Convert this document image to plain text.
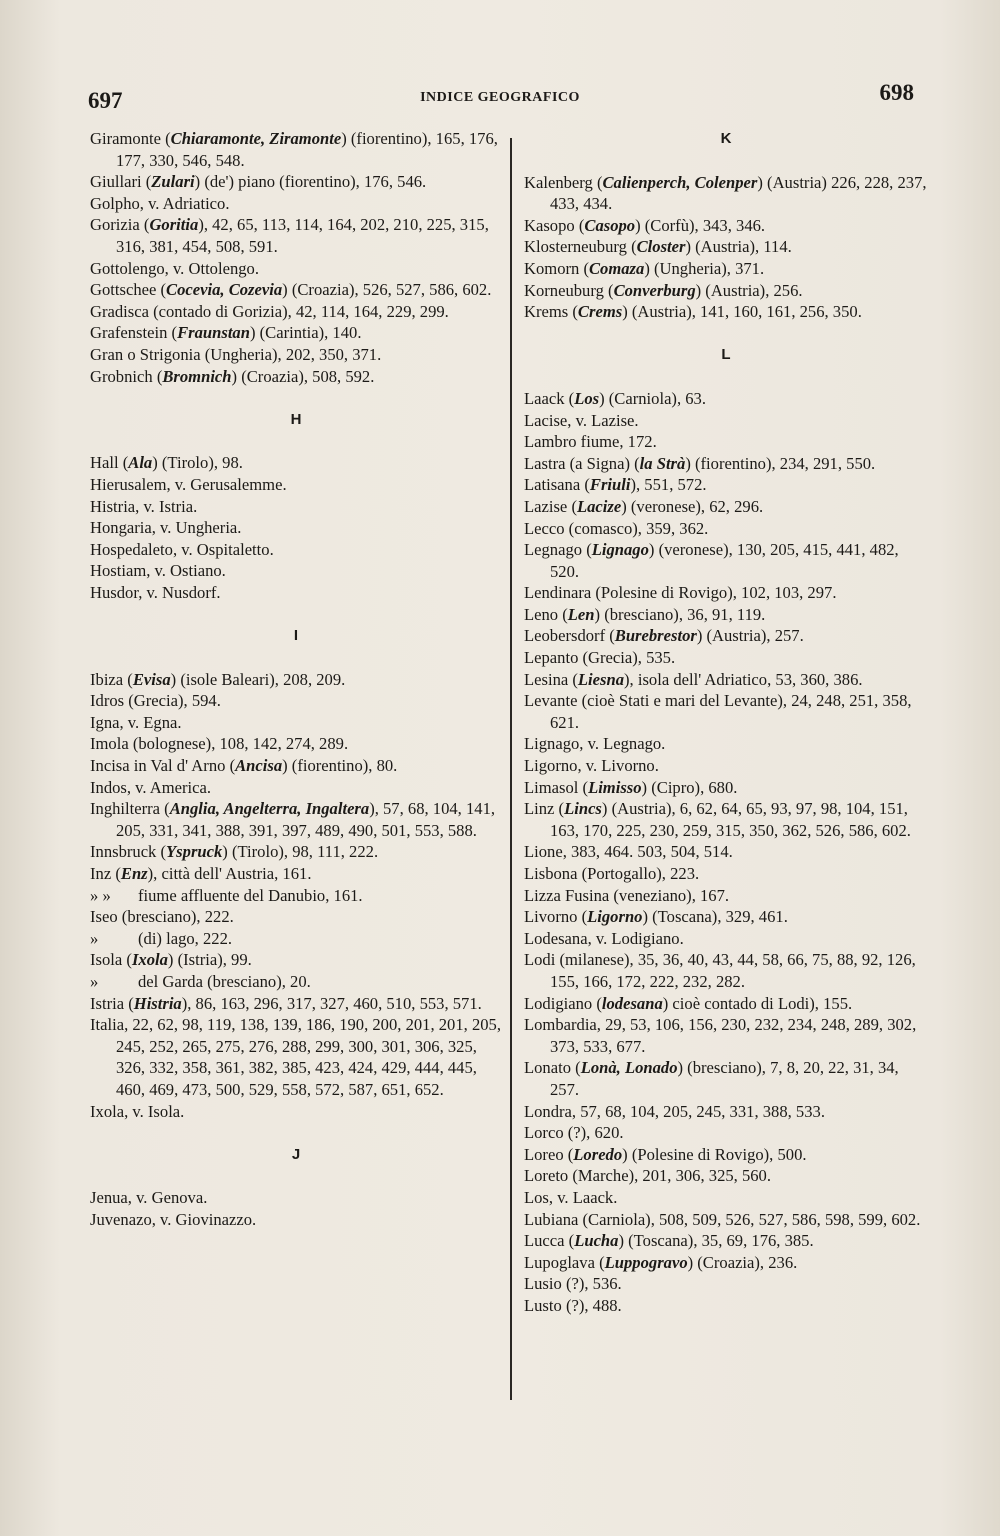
697	INDICE GEOGRAFICO	698
Giramonte (Chiaramonte, Ziramonte) (fiorentino), 165, 176, 177, 330, 546, 548.
Giullari (Zulari) (de') piano (fiorentino), 176, 546.
Golpho, v. Adriatico.
Gorizia (Goritia), 42, 65, 113, 114, 164, 202, 210, 225, 315, 316, 381, 454, 508, 591.
Gottolengo, v. Ottolengo.
Gottschee (Cocevia, Cozevia) (Croazia), 526, 527, 586, 602.
Gradisca (contado di Gorizia), 42, 114, 164, 229, 299.
Grafenstein (Fraunstan) (Carintia), 140.
Gran o Strigonia (Ungheria), 202, 350, 371.
Grobnich (Bromnich) (Croazia), 508, 592.
H
Hall (Ala) (Tirolo), 98.
Hierusalem, v. Gerusalemme.
Histria, v. Istria.
Hongaria, v. Ungheria.
Hospedaleto, v. Ospitaletto.
Hostiam, v. Ostiano.
Husdor, v. Nusdorf.
I
Ibiza (Evisa) (isole Baleari), 208, 209.
Idros (Grecia), 594.
Igna, v. Egna.
Imola (bolognese), 108, 142, 274, 289.
Incisa in Val d' Arno (Ancisa) (fiorentino), 80.
Indos, v. America.
Inghilterra (Anglia, Angelterra, Ingaltera), 57, 68, 104, 141, 205, 331, 341, 388, 391, 397, 489, 490, 501, 553, 588.
Innsbruck (Yspruck) (Tirolo), 98, 111, 222.
Inz (Enz), città dell' Austria, 161.
» » fiume affluente del Danubio, 161.
Iseo (bresciano), 222.
» (di) lago, 222.
Isola (Ixola) (Istria), 99.
» del Garda (bresciano), 20.
Istria (Histria), 86, 163, 296, 317, 327, 460, 510, 553, 571.
Italia, 22, 62, 98, 119, 138, 139, 186, 190, 200, 201, 201, 205, 245, 252, 265, 275, 276, 288, 299, 300, 301, 306, 325, 326, 332, 358, 361, 382, 385, 423, 424, 429, 444, 445, 460, 469, 473, 500, 529, 558, 572, 587, 651, 652.
Ixola, v. Isola.
J
Jenua, v. Genova.
Juvenazo, v. Giovinazzo.
K
Kalenberg (Calienperch, Colenper) (Austria) 226, 228, 237, 433, 434.
Kasopo (Casopo) (Corfù), 343, 346.
Klosterneuburg (Closter) (Austria), 114.
Komorn (Comaza) (Ungheria), 371.
Korneuburg (Converburg) (Austria), 256.
Krems (Crems) (Austria), 141, 160, 161, 256, 350.
L
Laack (Los) (Carniola), 63.
Lacise, v. Lazise.
Lambro fiume, 172.
Lastra (a Signa) (la Strà) (fiorentino), 234, 291, 550.
Latisana (Friuli), 551, 572.
Lazise (Lacize) (veronese), 62, 296.
Lecco (comasco), 359, 362.
Legnago (Lignago) (veronese), 130, 205, 415, 441, 482, 520.
Lendinara (Polesine di Rovigo), 102, 103, 297.
Leno (Len) (bresciano), 36, 91, 119.
Leobersdorf (Burebrestor) (Austria), 257.
Lepanto (Grecia), 535.
Lesina (Liesna), isola dell' Adriatico, 53, 360, 386.
Levante (cioè Stati e mari del Levante), 24, 248, 251, 358, 621.
Lignago, v. Legnago.
Ligorno, v. Livorno.
Limasol (Limisso) (Cipro), 680.
Linz (Lincs) (Austria), 6, 62, 64, 65, 93, 97, 98, 104, 151, 163, 170, 225, 230, 259, 315, 350, 362, 526, 586, 602.
Lione, 383, 464. 503, 504, 514.
Lisbona (Portogallo), 223.
Lizza Fusina (veneziano), 167.
Livorno (Ligorno) (Toscana), 329, 461.
Lodesana, v. Lodigiano.
Lodi (milanese), 35, 36, 40, 43, 44, 58, 66, 75, 88, 92, 126, 155, 166, 172, 222, 232, 282.
Lodigiano (lodesana) cioè contado di Lodi), 155.
Lombardia, 29, 53, 106, 156, 230, 232, 234, 248, 289, 302, 373, 533, 677.
Lonato (Lonà, Lonado) (bresciano), 7, 8, 20, 22, 31, 34, 257.
Londra, 57, 68, 104, 205, 245, 331, 388, 533.
Lorco (?), 620.
Loreo (Loredo) (Polesine di Rovigo), 500.
Loreto (Marche), 201, 306, 325, 560.
Los, v. Laack.
Lubiana (Carniola), 508, 509, 526, 527, 586, 598, 599, 602.
Lucca (Lucha) (Toscana), 35, 69, 176, 385.
Lupoglava (Luppogravo) (Croazia), 236.
Lusio (?), 536.
Lusto (?), 488.
